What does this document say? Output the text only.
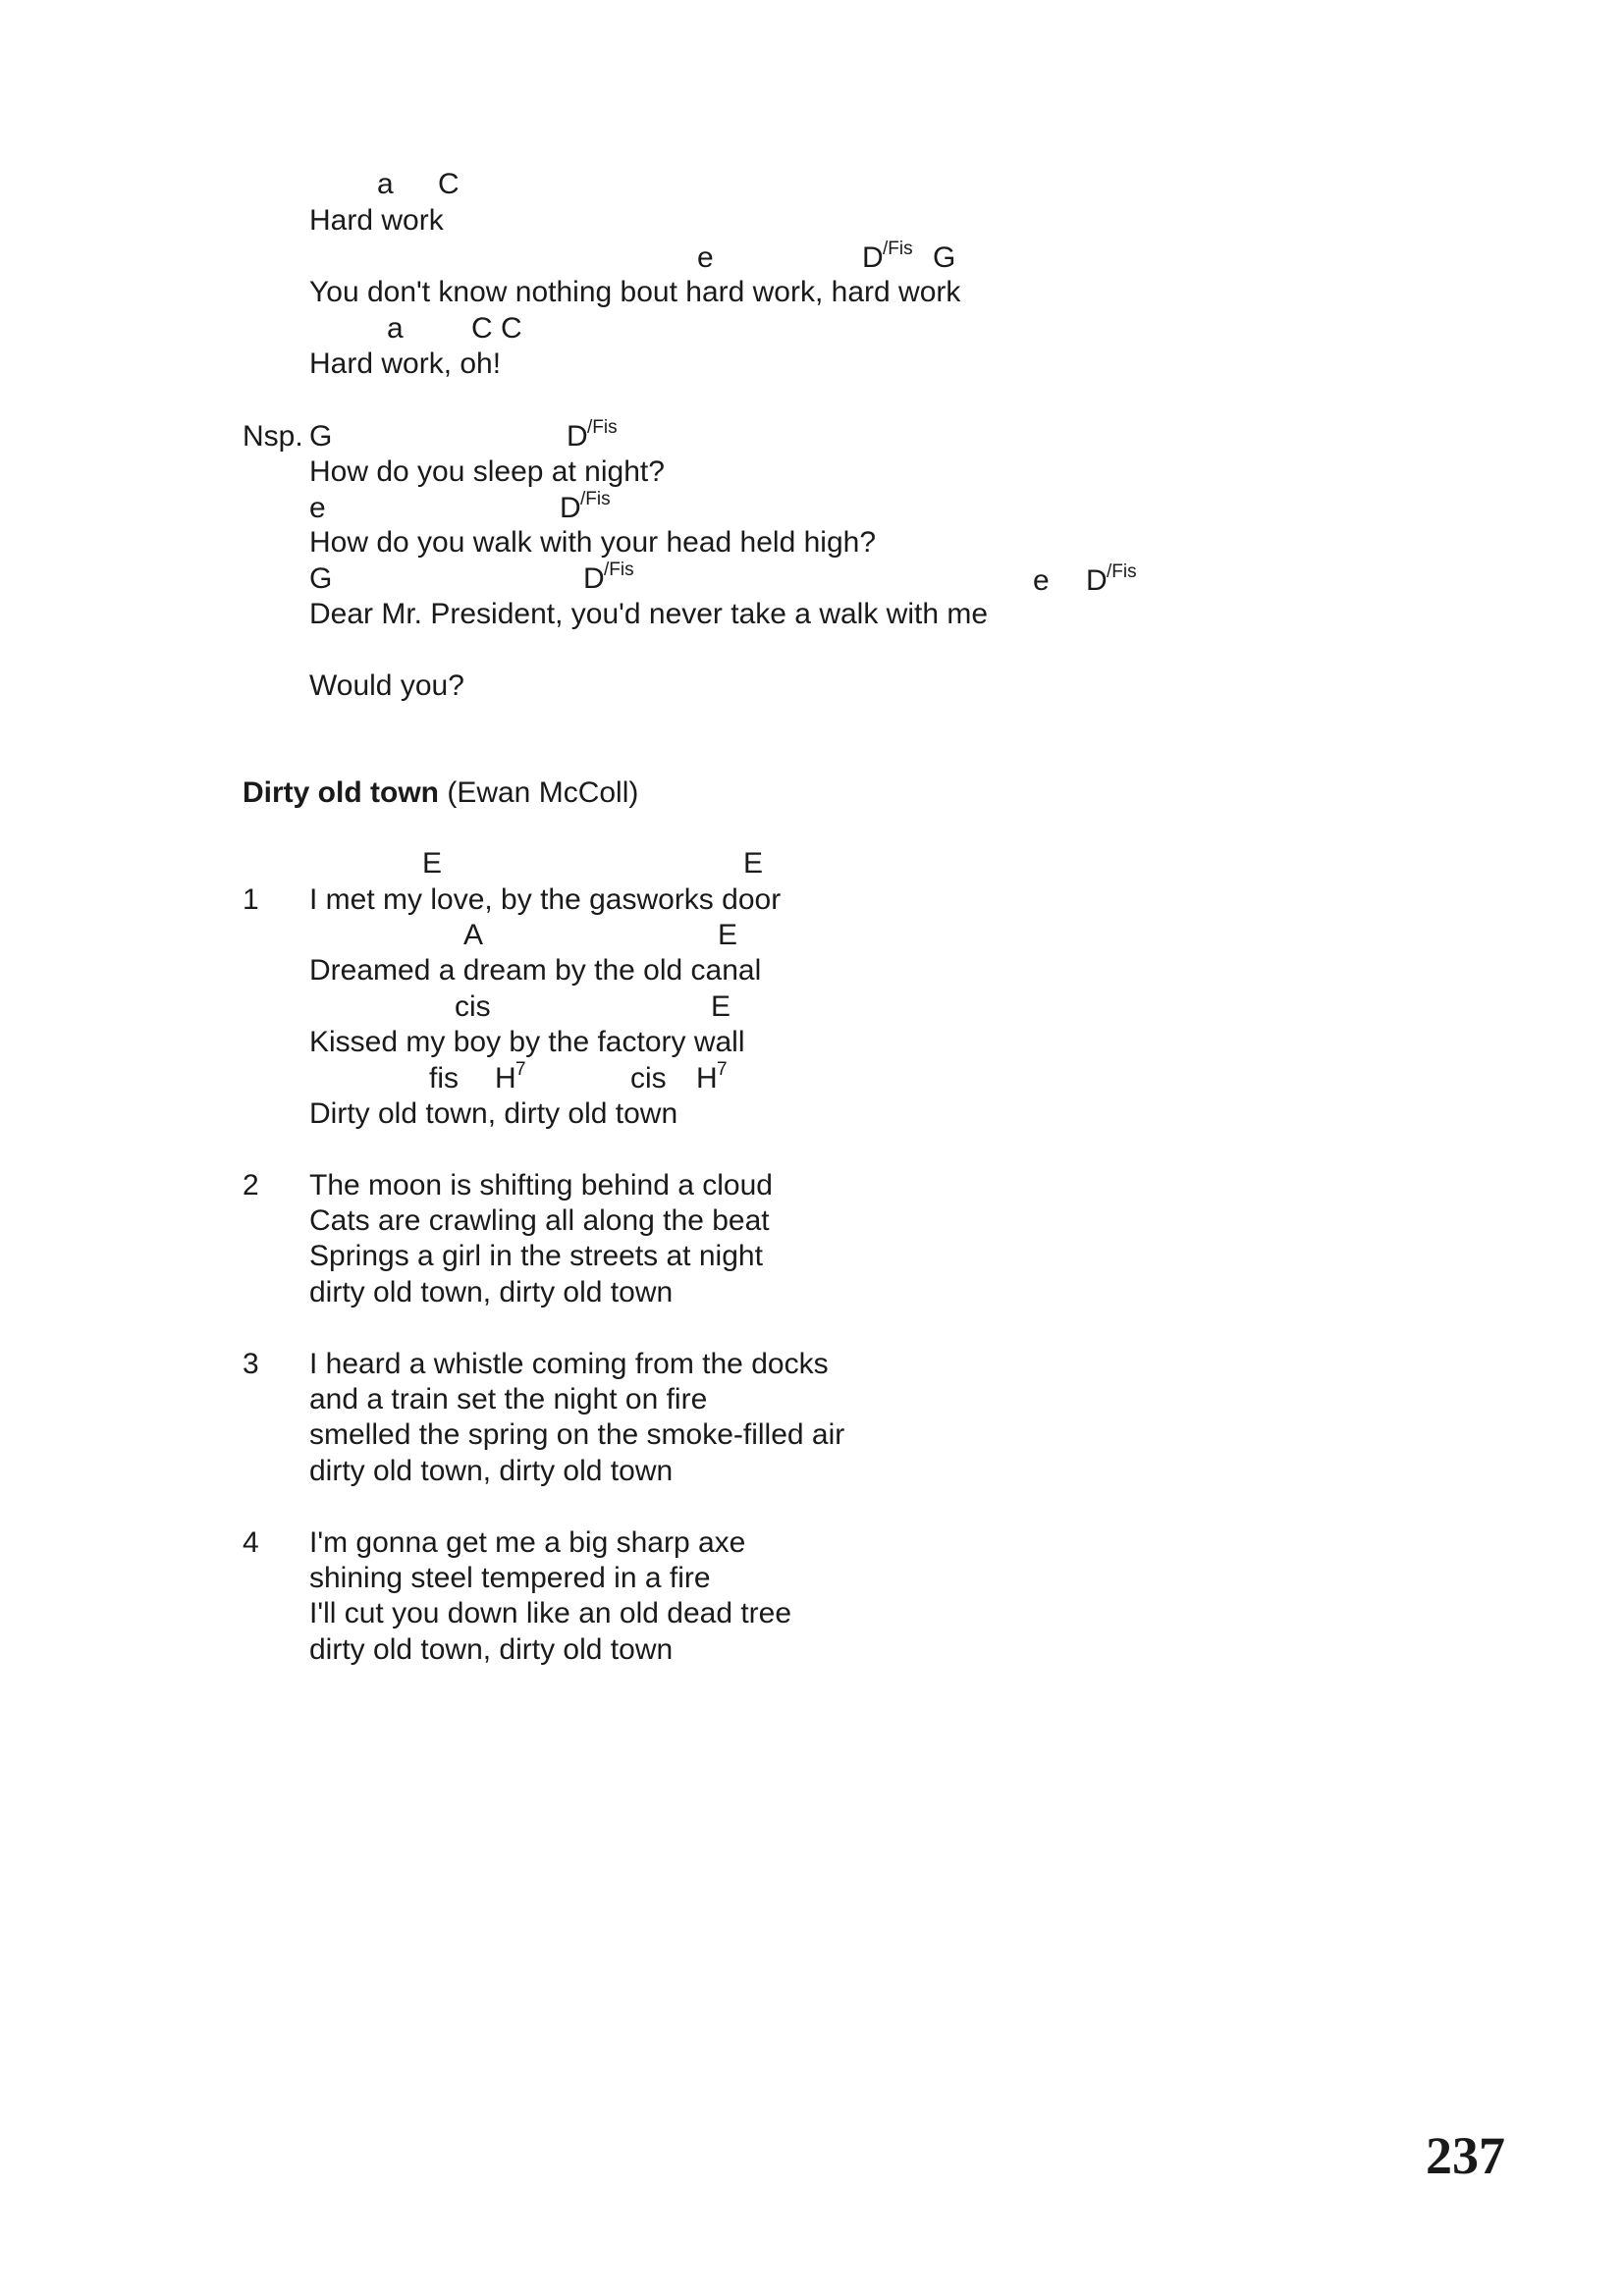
a C
Hard work
e	D /Fis G
You don't know nothing bout hard work, hard work
a C C
Hard work, oh!
Nsp. G	D /Fis
How do you sleep at night?
e	D /Fis
How do you walk with your head held high?
G	D /Fis	e D /Fis
Dear Mr. President, you'd never take a walk with me
Would you?
Dirty old town (Ewan McColl)
E	E
1 I met my love, by the gasworks door
A	E
Dreamed a dream by the old canal
cis	E
Kissed my boy by the factory wall
fis H 7	cis H 7
Dirty old town, dirty old town
2 The moon is shifting behind a cloud
Cats are crawling all along the beat
Springs a girl in the streets at night
dirty old town, dirty old town
3 I heard a whistle coming from the docks
and a train set the night on fire
smelled the spring on the smoke-filled air
dirty old town, dirty old town
4 I'm gonna get me a big sharp axe
shining steel tempered in a fire
I'll cut you down like an old dead tree
dirty old town, dirty old town
237
